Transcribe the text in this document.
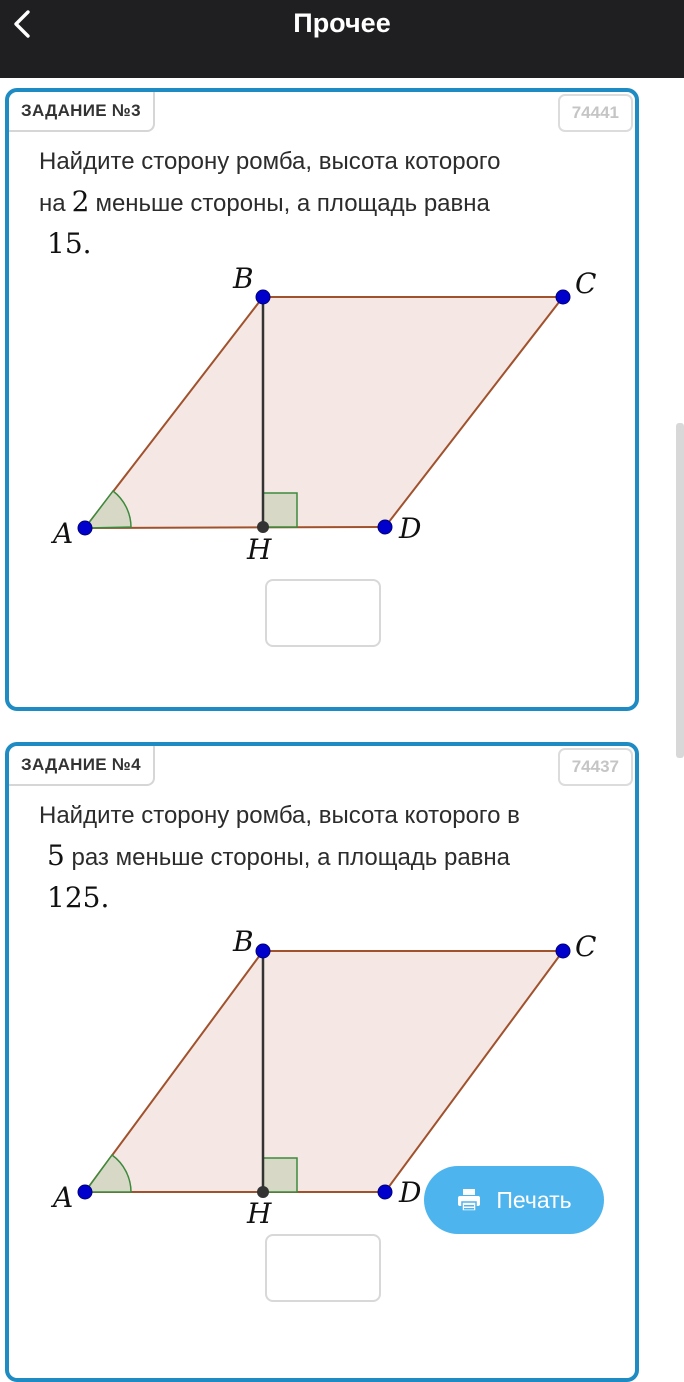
Прочее
ЗАДАНИЕ №3	74441
Найдите сторону ромба, высота которого на 2 меньше стороны, а площадь равна
15.
A
B	C
D
H
ЗАДАНИЕ №4	74437
Найдите сторону ромба, высота которого в
5 раз меньше стороны, а площадь равна
125.
A
B	C
D
H	Печать
